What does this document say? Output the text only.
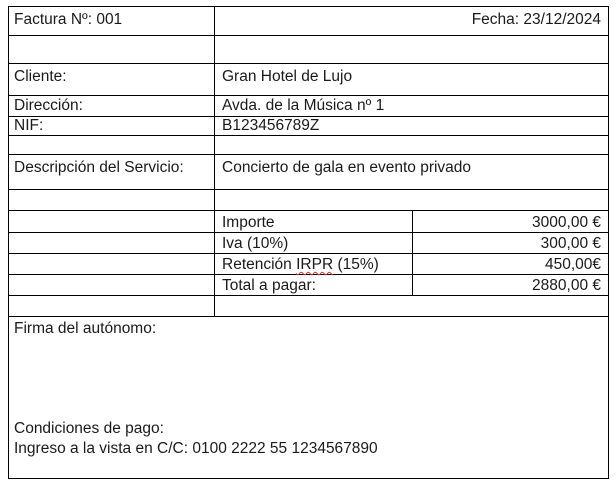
Factura Nº: 001	Fecha: 23/12/2024
Cliente:	Gran Hotel de Lujo
Dirección:	Avda. de la Música nº 1
NIF:	B123456789Z
Descripción del Servicio: Concierto de gala en evento privado
Importe	3000,00 €
Iva (10%)	300,00 €
Retención IRPR (15%)	450,00€
Total a pagar:	2880,00 €
Firma del autónomo:
Condiciones de pago:
Ingreso a la vista en C/C: 0100 2222 55 1234567890
